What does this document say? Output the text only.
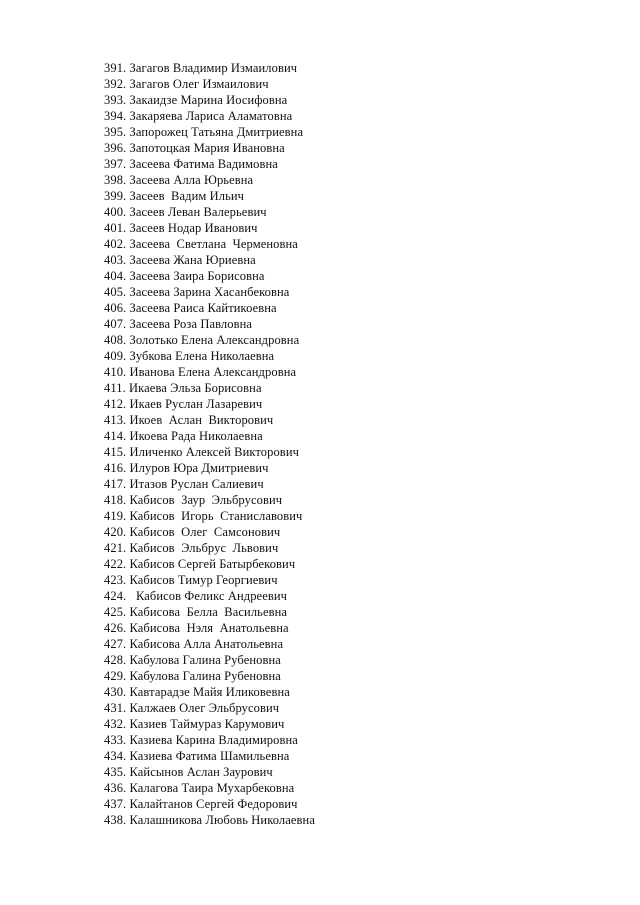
391. Загагов Владимир Измаилович
392. Загагов Олег Измаилович
393. Закаидзе Марина Иосифовна
394. Закаряева Лариса Аламатовна
395. Запорожец Татьяна Дмитриевна
396. Запотоцкая Мария Ивановна
397. Засеева Фатима Вадимовна
398. Засеева Алла Юрьевна
399. Засеев  Вадим Ильич
400. Засеев Леван Валерьевич
401. Засеев Нодар Иванович
402. Засеева  Светлана  Черменовна
403. Засеева Жана Юриевна
404. Засеева Заира Борисовна
405. Засеева Зарина Хасанбековна
406. Засеева Раиса Кайтикоевна
407. Засеева Роза Павловна
408. Золотько Елена Александровна
409. Зубкова Елена Николаевна
410. Иванова Елена Александровна
411. Икаева Эльза Борисовна
412. Икаев Руслан Лазаревич
413. Икоев  Аслан  Викторович
414. Икоева Рада Николаевна
415. Иличенко Алексей Викторович
416. Илуров Юра Дмитриевич
417. Итазов Руслан Салиевич
418. Кабисов  Заур  Эльбрусович
419. Кабисов  Игорь  Станиславович
420. Кабисов  Олег  Самсонович
421. Кабисов  Эльбрус  Львович
422. Кабисов Сергей Батырбекович
423. Кабисов Тимур Георгиевич
424.   Кабисов Феликс Андреевич
425. Кабисова  Белла  Васильевна
426. Кабисова  Нэля  Анатольевна
427. Кабисова Алла Анатольевна
428. Кабулова Галина Рубеновна
429. Кабулова Галина Рубеновна
430. Кавтарадзе Майя Иликовевна
431. Калжаев Олег Эльбрусович
432. Казиев Таймураз Карумович
433. Казиева Карина Владимировна
434. Казиева Фатима Шамильевна
435. Кайсынов Аслан Заурович
436. Калагова Таира Мухарбековна
437. Калайтанов Сергей Федорович
438. Калашникова Любовь Николаевна
